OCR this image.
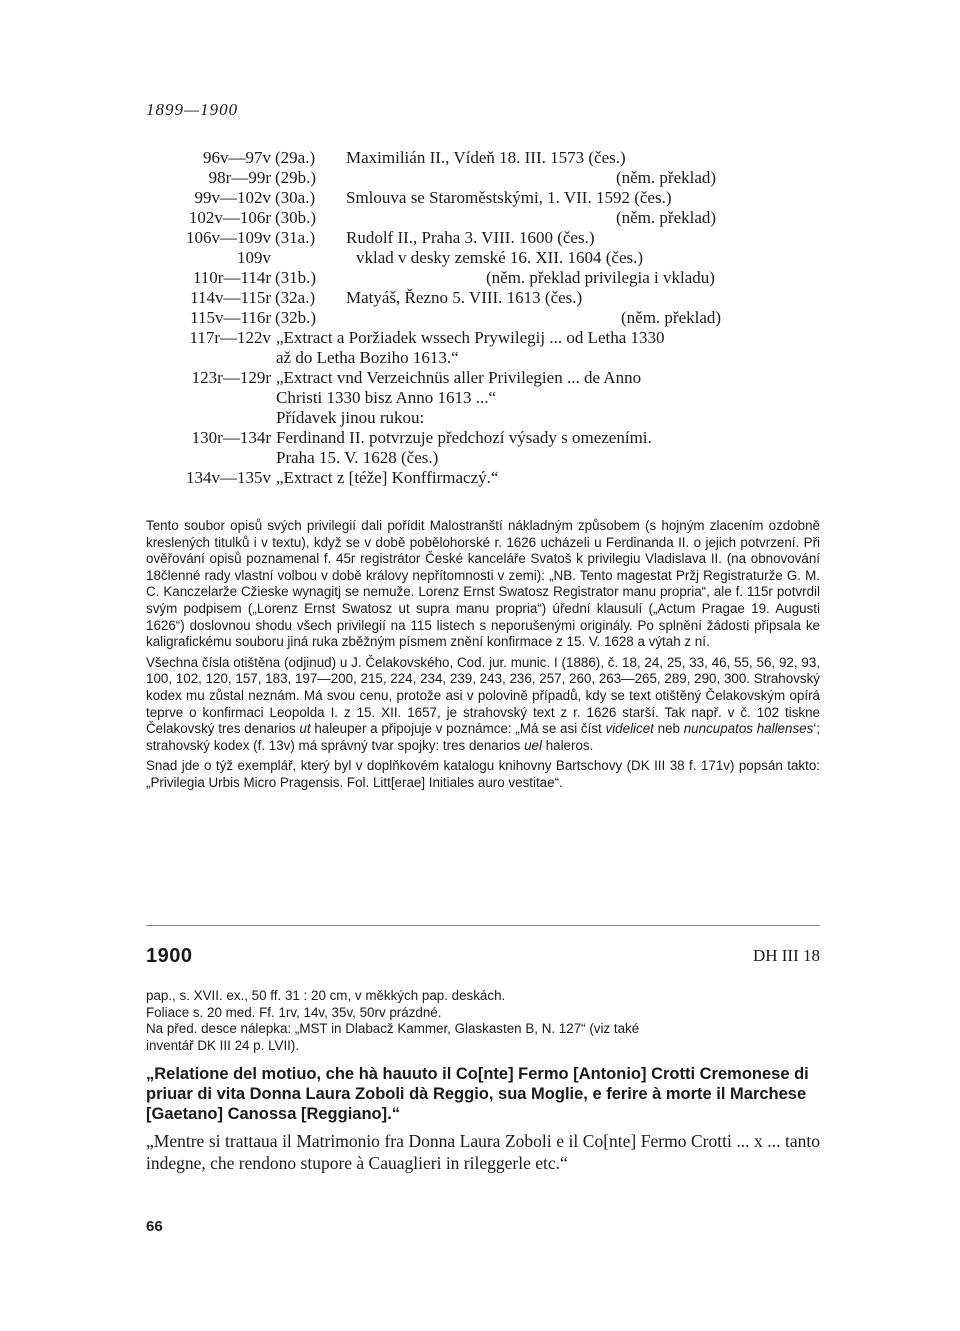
1899—1900
96v—97v (29a.) Maximilián II., Vídeň 18. III. 1573 (čes.)
98r—99r (29b.)	(něm. překlad)
99v—102v (30a.) Smlouva se Staroměstskými, 1. VII. 1592 (čes.)
102v—106r (30b.)	(něm. překlad)
106v—109v (31a.) Rudolf II., Praha 3. VIII. 1600 (čes.)
109v	vklad v desky zemské 16. XII. 1604 (čes.)
110r—114r (31b.)	(něm. překlad privilegia i vkladu)
114v—115r (32a.) Matyáš, Řezno 5. VIII. 1613 (čes.)
115v—116r (32b.)	(něm. překlad)
117r—122v „Extract a Poržiadek wssech Prywilegij ... od Letha 1330
až do Letha Boziho 1613.“
123r—129r „Extract vnd Verzeichnüs aller Privilegien ... de Anno
Christi 1330 bisz Anno 1613 ...“
Přídavek jinou rukou:
130r—134r Ferdinand II. potvrzuje předchozí výsady s omezeními.
Praha 15. V. 1628 (čes.)
134v—135v „Extract z [téže] Konffirmaczý.“

Tento soubor opisů svých privilegií dali pořídit Malostranští nákladným způsobem (s hojným zlacením ozdobně kreslených titulků i v textu), když se v době pobělohorské r. 1626 ucházeli u Ferdinanda II. o jejich potvrzení. Při ověřování opisů poznamenal f. 45r registrátor České kanceláře Svatoš k privilegiu Vladislava II. (na obnovování 18členné rady vlastní volbou v době královy nepřítomnosti v zemi): „NB. Tento magestat Pržj Registraturže G. M. C. Kanczelarže Cžieske wynagitj se nemuže. Lorenz Ernst Swatosz Registrator manu propria“, ale f. 115r potvrdil svým podpisem („Lorenz Ernst Swatosz ut supra manu propria“) úřední klausulí („Actum Pragae 19. Augusti 1626“) doslovnou shodu všech privilegií na 115 listech s neporušenými originály. Po splnění žádosti připsala ke kaligrafickému souboru jiná ruka zběžným písmem znění konfirmace z 15. V. 1628 a výtah z ní.

Všechna čísla otištěna (odjinud) u J. Čelakovského, Cod. jur. munic. I (1886), č. 18, 24, 25, 33, 46, 55, 56, 92, 93, 100, 102, 120, 157, 183, 197—200, 215, 224, 234, 239, 243, 236, 257, 260, 263—265, 289, 290, 300. Strahovský kodex mu zůstal neznám. Má svou cenu, protože asi v polovině případů, kdy se text otištěný Čelakovským opírá teprve o konfirmaci Leopolda I. z 15. XII. 1657, je strahovský text z r. 1626 starší. Tak např. v č. 102 tiskne Čelakovský tres denarios ut haleuper a připojuje v poznámce: „Má se asi číst videlicet neb nuncupatos hallenses‘; strahovský kodex (f. 13v) má správný tvar spojky: tres denarios uel haleros.

Snad jde o týž exemplář, který byl v doplňkovém katalogu knihovny Bartschovy (DK III 38 f. 171v) popsán takto: „Privilegia Urbis Micro Pragensis. Fol. Litt[erae] Initiales auro vestitae“.

1900	DH III 18
pap., s. XVII. ex., 50 ff. 31 : 20 cm, v měkkých pap. deskách.
Foliace s. 20 med. Ff. 1rv, 14v, 35v, 50rv prázdné.
Na před. desce nálepka: „MST in Dlabacž Kammer, Glaskasten B, N. 127“ (viz také
inventář DK III 24 p. LVII).
„Relatione del motiuo, che hà hauuto il Co[nte] Fermo [Antonio] Crotti Cremonese di priuar di vita Donna Laura Zoboli dà Reggio, sua Moglie, e ferire à morte il Marchese [Gaetano] Canossa [Reggiano].“
„Mentre si trattaua il Matrimonio fra Donna Laura Zoboli e il Co[nte] Fermo Crotti ... x ... tanto indegne, che rendono stupore à Cauaglieri in rileggerle etc.“
66
